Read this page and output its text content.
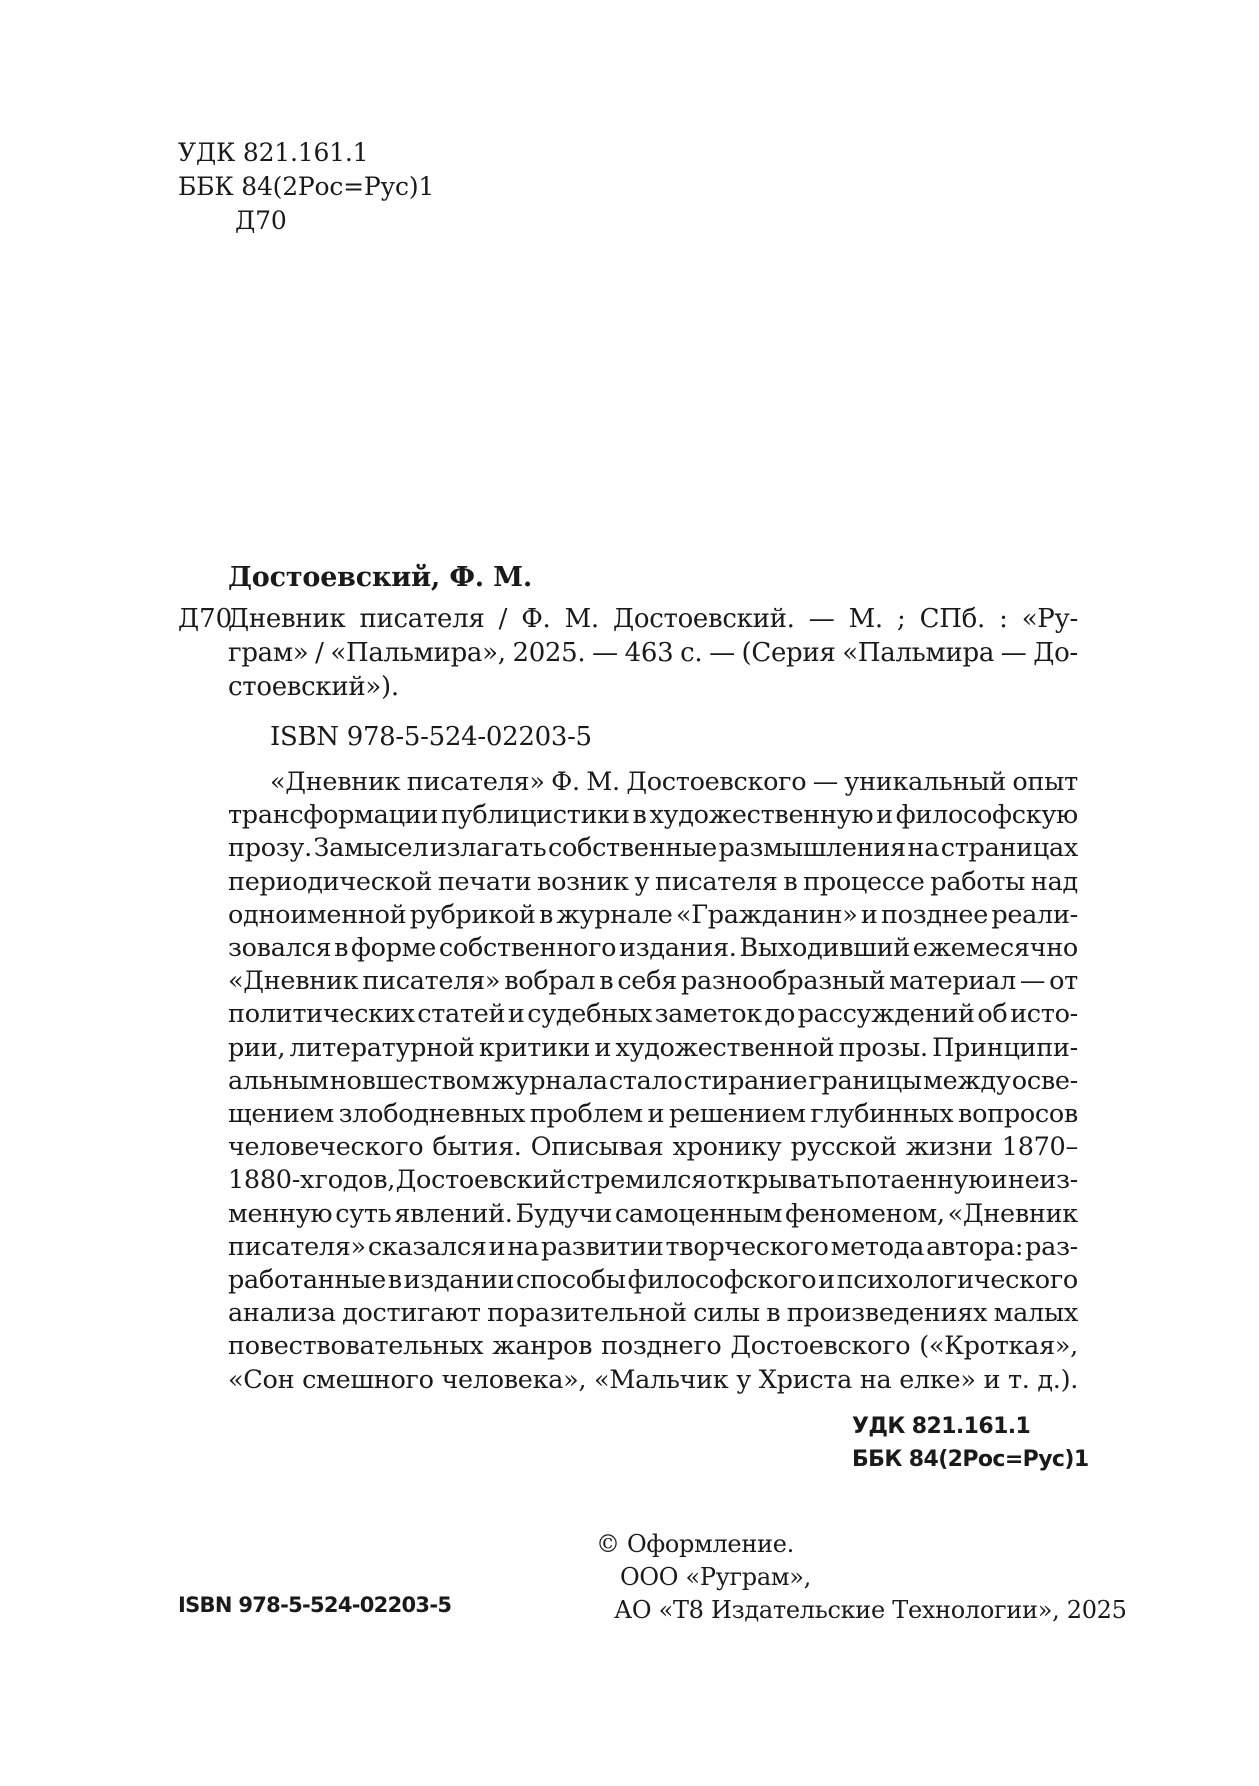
УДК 821.161.1
ББК 84(2Рос=Рус)1
Д70
Достоевский, Ф. М.
Д70
Дневник писателя / Ф. М. Достоевский. — М. ; СПб. : «Ру-
грам» / «Пальмира», 2025. — 463 с. — (Серия «Пальмира — До-
стоевский»).
ISBN 978-5-524-02203-5
«Дневник писателя» Ф. М. Достоевского — уникальный опыт
трансформации публицистики в художественную и философскую
прозу. Замысел излагать собственные размышления на страницах
периодической печати возник у писателя в процессе работы над
одноименной рубрикой в журнале «Гражданин» и позднее реали-
зовался в форме собственного издания. Выходивший ежемесячно
«Дневник писателя» вобрал в себя разнообразный материал — от
политических статей и судебных заметок до рассуждений об исто-
рии, литературной критики и художественной прозы. Принципи-
альным новшеством журнала стало стирание границы между осве-
щением злободневных проблем и решением глубинных вопросов
человеческого бытия. Описывая хронику русской жизни 1870–
1880-х годов, Достоевский стремился открывать потаенную и неиз-
менную суть явлений. Будучи самоценным феноменом, «Дневник
писателя» сказался и на развитии творческого метода автора: раз-
работанные в издании способы философского и психологического
анализа достигают поразительной силы в произведениях малых
повествовательных жанров позднего Достоевского («Кроткая»,
«Сон смешного человека», «Мальчик у Христа на елке» и т. д.).
УДК 821.161.1
ББК 84(2Рос=Рус)1
© Оформление.
ООО «Руграм»,
АО «Т8 Издательские Технологии», 2025
ISBN 978-5-524-02203-5
